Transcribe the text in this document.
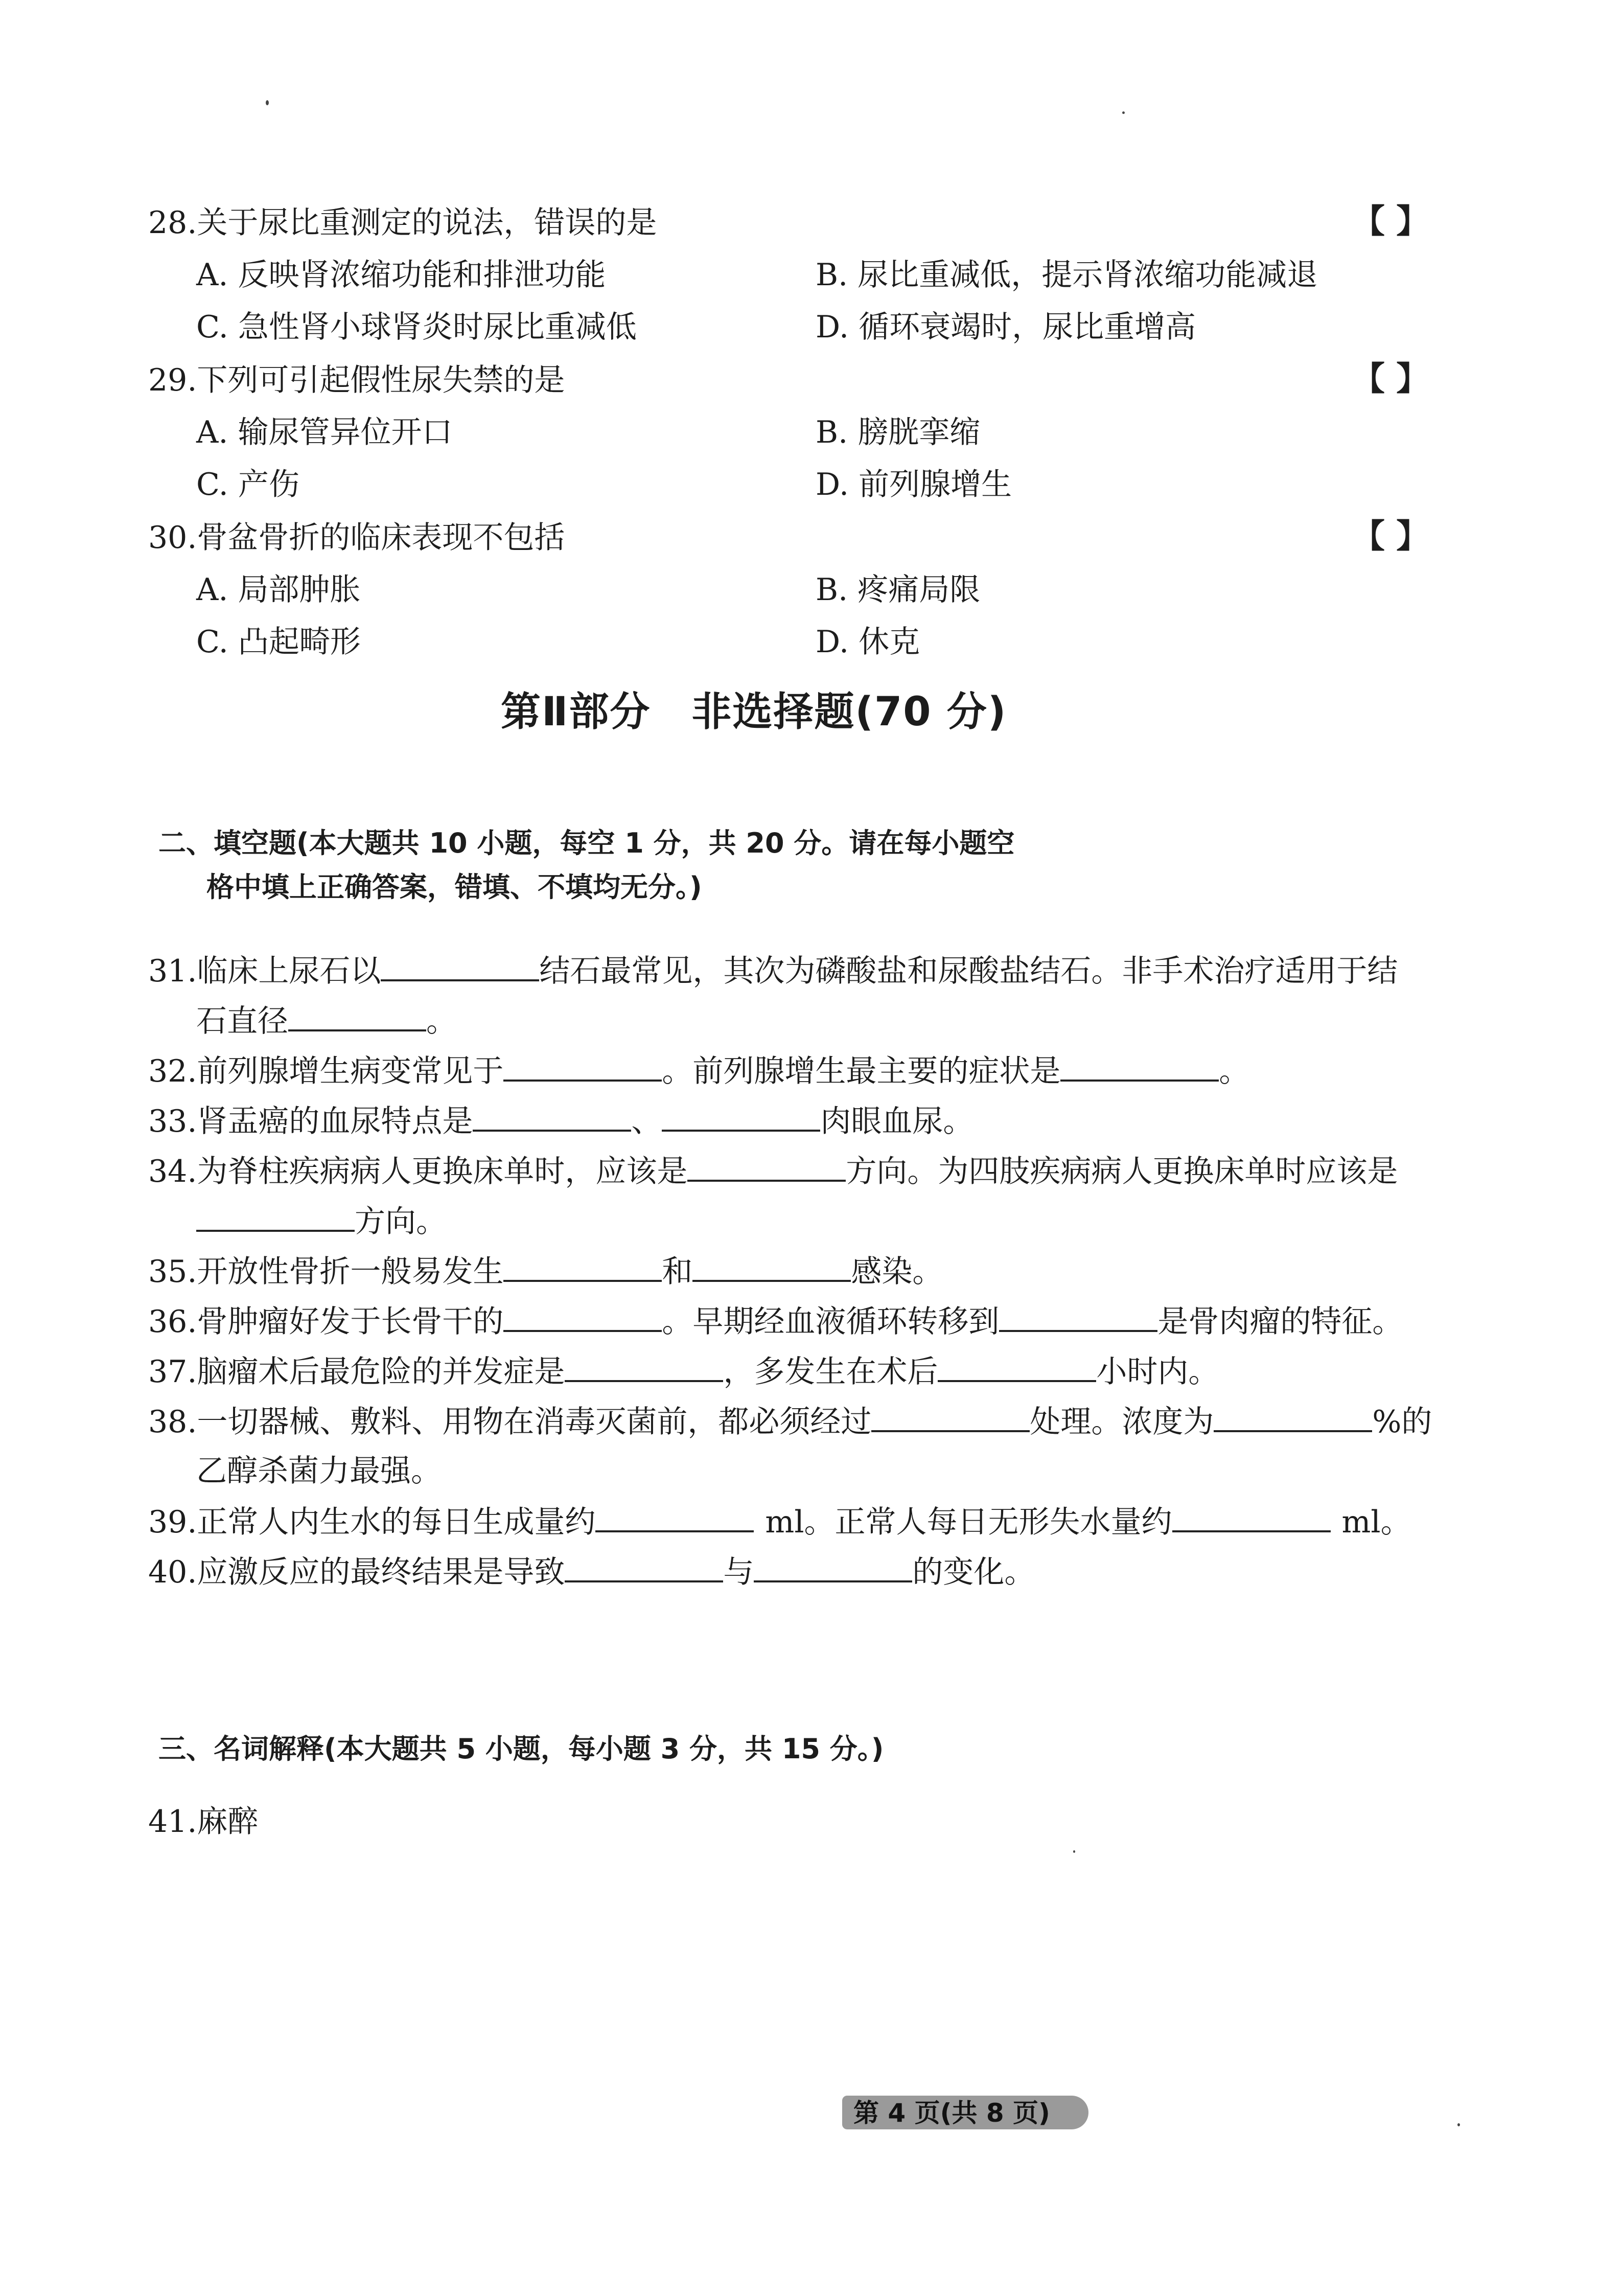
28.关于尿比重测定的说法，错误的是	【 】
A. 反映肾浓缩功能和排泄功能	B. 尿比重减低，提示肾浓缩功能减退
C. 急性肾小球肾炎时尿比重减低	D. 循环衰竭时，尿比重增高
29.下列可引起假性尿失禁的是	【 】
A. 输尿管异位开口	B. 膀胱挛缩
C. 产伤	D. 前列腺增生
30.骨盆骨折的临床表现不包括	【 】
A. 局部肿胀	B. 疼痛局限
C. 凸起畸形	D. 休克
第Ⅱ部分　非选择题(70 分)
二、填空题(本大题共 10 小题，每空 1 分，共 20 分。请在每小题空
格中填上正确答案，错填、不填均无分。)
31.临床上尿石以	结石最常见，其次为磷酸盐和尿酸盐结石。非手术治疗适用于结
石直径	。
32.前列腺增生病变常见于	。前列腺增生最主要的症状是	。
33.肾盂癌的血尿特点是	、	肉眼血尿。
34.为脊柱疾病病人更换床单时，应该是	方向。为四肢疾病病人更换床单时应该是
方向。
35.开放性骨折一般易发生	和	感染。
36.骨肿瘤好发于长骨干的	。早期经血液循环转移到	是骨肉瘤的特征。
37.脑瘤术后最危险的并发症是	，多发生在术后	小时内。
38.一切器械、敷料、用物在消毒灭菌前，都必须经过	处理。浓度为	%的
乙醇杀菌力最强。
39.正常人内生水的每日生成量约	ml。正常人每日无形失水量约	ml。
40.应激反应的最终结果是导致	与	的变化。
三、名词解释(本大题共 5 小题，每小题 3 分，共 15 分。)
41.麻醉
第 4 页(共 8 页)
